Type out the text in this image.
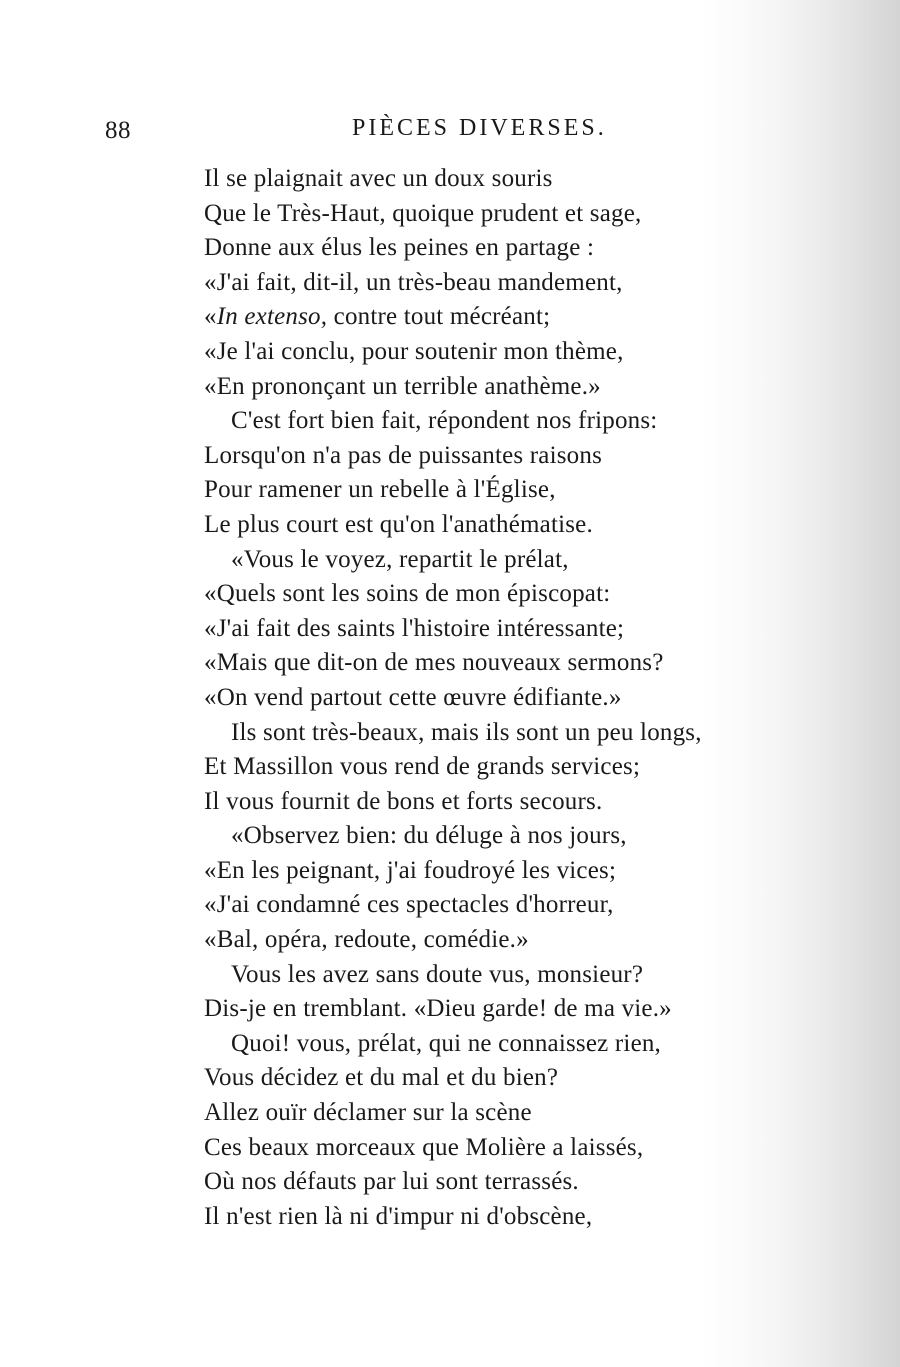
88	PIÈCES DIVERSES.
Il se plaignait avec un doux souris
Que le Très-Haut, quoique prudent et sage,
Donne aux élus les peines en partage :
«J'ai fait, dit-il, un très-beau mandement,
«In extenso, contre tout mécréant;
«Je l'ai conclu, pour soutenir mon thème,
«En prononçant un terrible anathème.»
C'est fort bien fait, répondent nos fripons:
Lorsqu'on n'a pas de puissantes raisons
Pour ramener un rebelle à l'Église,
Le plus court est qu'on l'anathématise.
«Vous le voyez, repartit le prélat,
«Quels sont les soins de mon épiscopat:
«J'ai fait des saints l'histoire intéressante;
«Mais que dit-on de mes nouveaux sermons?
«On vend partout cette œuvre édifiante.»
Ils sont très-beaux, mais ils sont un peu longs,
Et Massillon vous rend de grands services;
Il vous fournit de bons et forts secours.
«Observez bien: du déluge à nos jours,
«En les peignant, j'ai foudroyé les vices;
«J'ai condamné ces spectacles d'horreur,
«Bal, opéra, redoute, comédie.»
Vous les avez sans doute vus, monsieur?
Dis-je en tremblant. «Dieu garde! de ma vie.»
Quoi! vous, prélat, qui ne connaissez rien,
Vous décidez et du mal et du bien?
Allez ouïr déclamer sur la scène
Ces beaux morceaux que Molière a laissés,
Où nos défauts par lui sont terrassés.
Il n'est rien là ni d'impur ni d'obscène,
